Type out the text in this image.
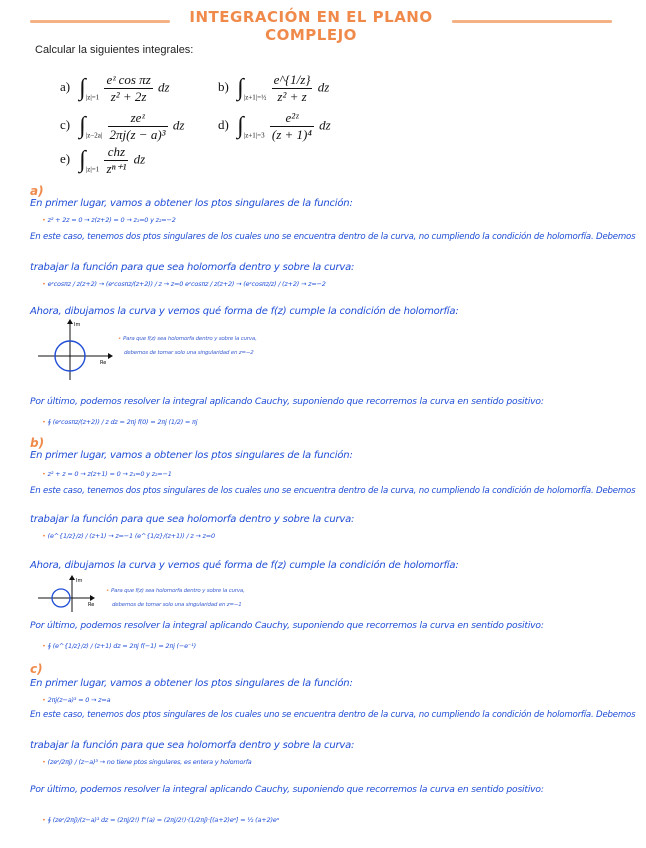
INTEGRACIÓN EN EL PLANO COMPLEJO
Calcular la siguientes integrales:
a) $\int_{|z|=1} \frac{\text{eᶻ cos πz}}{\text{z² + 2z}}$ dz	b) $\int_{|z+1|=\frac{1}{2}} \frac{e\^{}\{1/z\}}{\text{z² + z}}$ dz
c) $\int_{|z-2a|} \frac{\text{zeᶻ}}{\text{2πj(z − a)³}}$ dz	d) $\int_{|z+1|=3} \frac{\text{e²ᶻ}}{\text{(z + 1)⁴}}$ dz
e) $\int_{|z|=1} \frac{\text{chz}}{\text{zⁿ⁺¹}}$ dz
a)
En primer lugar, vamos a obtener los ptos singulares de la función:
• z² + 2z = 0 → z(z+2) = 0 → z₁=0 y z₂=−2
En este caso, tenemos dos ptos singulares de los cuales uno se encuentra dentro de la curva, no cumpliendo la condición de holomorfía. Debemos
trabajar la función para que sea holomorfa dentro y sobre la curva:
• eᶻcosπz / z(z+2) → (eᶻcosπz/(z+2)) / z → z=0 eᶻcosπz / z(z+2) → (eᶻcosπz/z) / (z+2) → z=−2
Ahora, dibujamos la curva y vemos qué forma de f(z) cumple la condición de holomorfía:
Im
Re
• Para que f(z) sea holomorfa dentro y sobre la curva,
debemos de tomar solo una singularidad en z=−2
Por último, podemos resolver la integral aplicando Cauchy, suponiendo que recorremos la curva en sentido positivo:
• ∮ (eᶻcosπz/(z+2)) / z dz = 2πj f(0) = 2πj (1/2) = πj
b)
En primer lugar, vamos a obtener los ptos singulares de la función:
• z² + z = 0 → z(z+1) = 0 → z₁=0 y z₂=−1
En este caso, tenemos dos ptos singulares de los cuales uno se encuentra dentro de la curva, no cumpliendo la condición de holomorfía. Debemos
trabajar la función para que sea holomorfa dentro y sobre la curva:
• (e^{1/z}/z) / (z+1) → z=−1 (e^{1/z}/(z+1)) / z → z=0
Ahora, dibujamos la curva y vemos qué forma de f(z) cumple la condición de holomorfía:
Im
Re
• Para que f(z) sea holomorfa dentro y sobre la curva,
debemos de tomar solo una singularidad en z=−1
Por último, podemos resolver la integral aplicando Cauchy, suponiendo que recorremos la curva en sentido positivo:
• ∮ (e^{1/z}/z) / (z+1) dz = 2πj f(−1) = 2πj (−e⁻¹)
c)
En primer lugar, vamos a obtener los ptos singulares de la función:
• 2πj(z−a)³ = 0 → z=a
En este caso, tenemos dos ptos singulares de los cuales uno se encuentra dentro de la curva, no cumpliendo la condición de holomorfía. Debemos
trabajar la función para que sea holomorfa dentro y sobre la curva:
• (zeᶻ/2πj) / (z−a)³ → no tiene ptos singulares, es entera y holomorfa
Por último, podemos resolver la integral aplicando Cauchy, suponiendo que recorremos la curva en sentido positivo:
• ∮ (zeᶻ/2πj)/(z−a)³ dz = (2πj/2!) f''(a) = (2πj/2!)·(1/2πj)·[(a+2)eᵃ] = ½ (a+2)eᵃ
